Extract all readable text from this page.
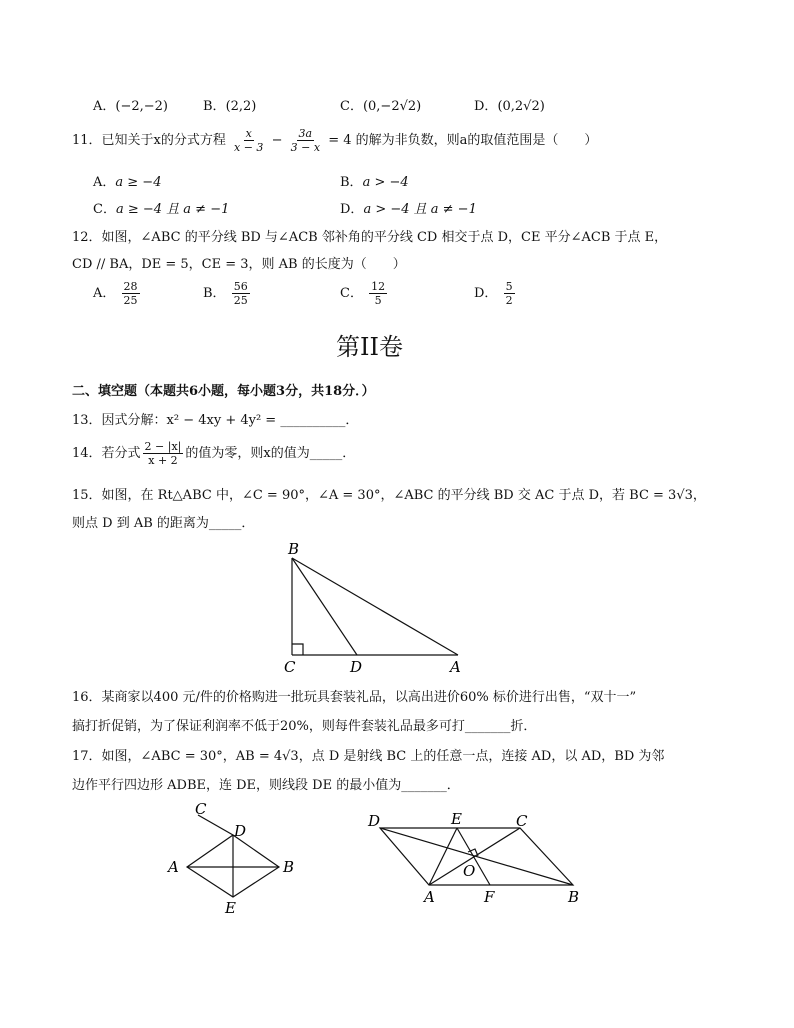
A．(−2,−2)	B．(2,2)	C．(0,−2√2)	D．(0,2√2)
11．已知关于x的分式方程 $\frac{x}{x - 3} - \frac{3a}{3 - x} = 4$ 的解为非负数，则a的取值范围是（　　）
A．a ≥ −4	B．a > −4
C．a ≥ −4 且 a ≠ −1	D．a > −4 且 a ≠ −1
12．如图，∠ABC 的平分线 BD 与∠ACB 邻补角的平分线 CD 相交于点 D，CE 平分∠ACB 于点 E，
CD // BA，DE = 5，CE = 3，则 AB 的长度为（　　）
A． $\frac{28}{25}$	B． $\frac{56}{25}$	C． $\frac{12}{5}$	D． $\frac{5}{2}$
第II卷
二、填空题（本题共6小题，每小题3分，共18分．）
13．因式分解：x² − 4xy + 4y² = __________．
14．若分式 $\frac{2 - |x|}{x + 2}$ 的值为零，则x的值为_____．
15．如图，在 Rt△ABC 中，∠C = 90°，∠A = 30°，∠ABC 的平分线 BD 交 AC 于点 D，若 BC = 3√3，
则点 D 到 AB 的距离为_____．
B
C	D	A
16．某商家以400 元/件的价格购进一批玩具套装礼品，以高出进价60% 标价进行出售，“双十一”
搞打折促销，为了保证利润率不低于20%，则每件套装礼品最多可打_______折．
17．如图，∠ABC = 30°，AB = 4√3，点 D 是射线 BC 上的任意一点，连接 AD，以 AD，BD 为邻
边作平行四边形 ADBE，连 DE，则线段 DE 的最小值为_______．
C
D
A	B
E
D	E	C
O
A	F	B
